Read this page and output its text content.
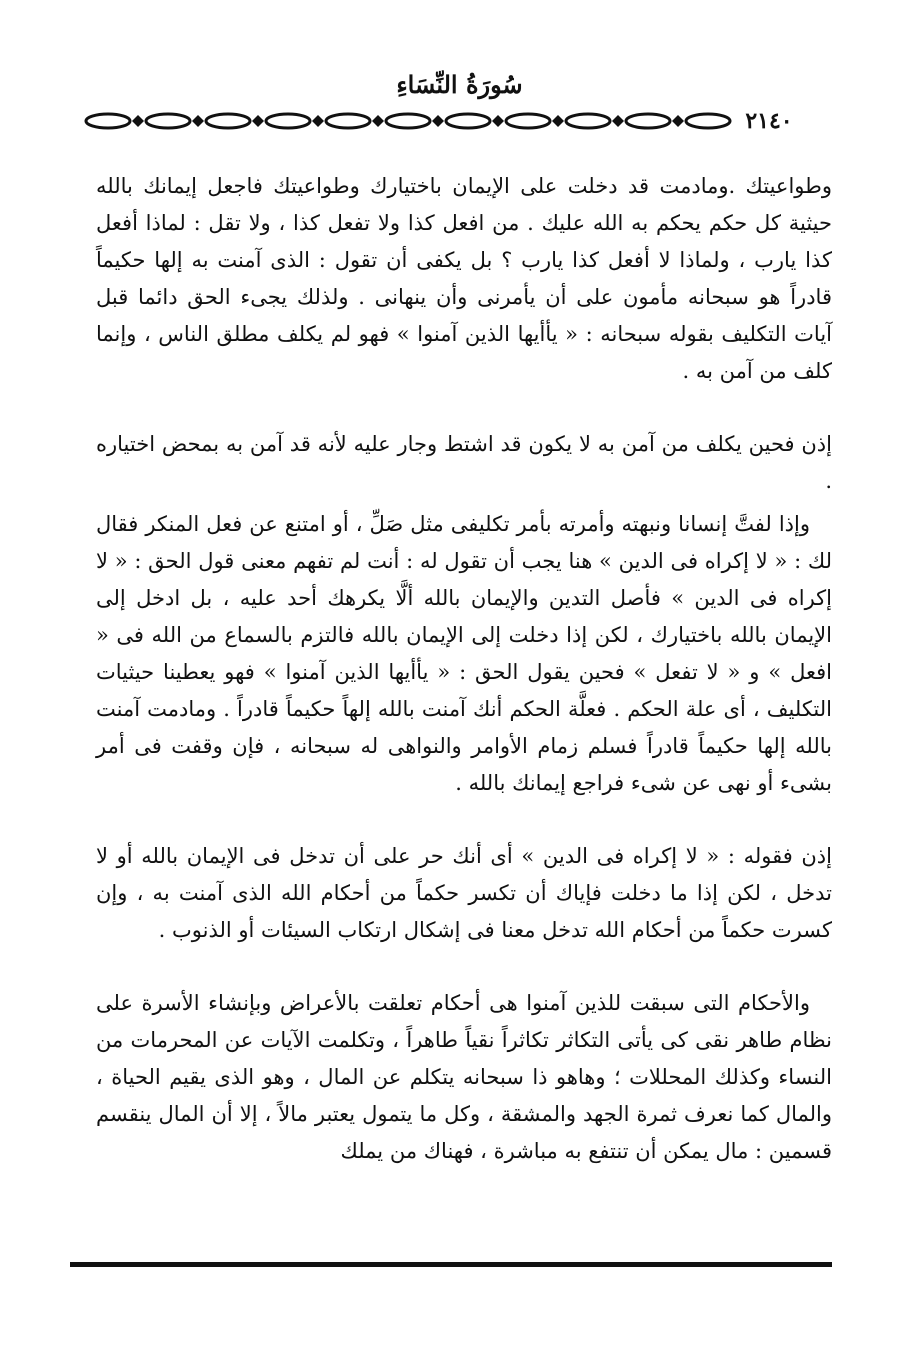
سُورَةُ النِّسَاءِ
٢١٤٠

وطواعيتك .ومادمت قد دخلت على الإيمان باختيارك وطواعيتك فاجعل إيمانك بالله حيثية كل حكم يحكم به الله عليك . من افعل كذا ولا تفعل كذا ، ولا تقل : لماذا أفعل كذا يارب ، ولماذا لا أفعل كذا يارب ؟ بل يكفى أن تقول : الذى آمنت به إلها حكيماً قادراً هو سبحانه مأمون على أن يأمرنى وأن ينهانى . ولذلك يجىء الحق دائما قبل آيات التكليف بقوله سبحانه : « يأأيها الذين آمنوا » فهو لم يكلف مطلق الناس ، وإنما كلف من آمن به .

إذن فحين يكلف من آمن به لا يكون قد اشتط وجار عليه لأنه قد آمن به بمحض اختياره .

وإذا لفتَّ إنسانا ونبهته وأمرته بأمر تكليفى مثل صَلِّ ، أو امتنع عن فعل المنكر فقال لك : « لا إكراه فى الدين » هنا يجب أن تقول له : أنت لم تفهم معنى قول الحق : « لا إكراه فى الدين » فأصل التدين والإيمان بالله ألَّا يكرهك أحد عليه ، بل ادخل إلى الإيمان بالله باختيارك ، لكن إذا دخلت إلى الإيمان بالله فالتزم بالسماع من الله فى « افعل » و « لا تفعل » فحين يقول الحق : « يأأيها الذين آمنوا » فهو يعطينا حيثيات التكليف ، أى علة الحكم . فعلَّة الحكم أنك آمنت بالله إلهاً حكيماً قادراً . ومادمت آمنت بالله إلها حكيماً قادراً فسلم زمام الأوامر والنواهى له سبحانه ، فإن وقفت فى أمر بشىء أو نهى عن شىء فراجع إيمانك بالله .

إذن فقوله : « لا إكراه فى الدين » أى أنك حر على أن تدخل فى الإيمان بالله أو لا تدخل ، لكن إذا ما دخلت فإياك أن تكسر حكماً من أحكام الله الذى آمنت به ، وإن كسرت حكماً من أحكام الله تدخل معنا فى إشكال ارتكاب السيئات أو الذنوب .

والأحكام التى سبقت للذين آمنوا هى أحكام تعلقت بالأعراض وبإنشاء الأسرة على نظام طاهر نقى كى يأتى التكاثر تكاثراً نقياً طاهراً ، وتكلمت الآيات عن المحرمات من النساء وكذلك المحللات ؛ وهاهو ذا سبحانه يتكلم عن المال ، وهو الذى يقيم الحياة ، والمال كما نعرف ثمرة الجهد والمشقة ، وكل ما يتمول يعتبر مالاً ، إلا أن المال ينقسم قسمين : مال يمكن أن تنتفع به مباشرة ، فهناك من يملك
